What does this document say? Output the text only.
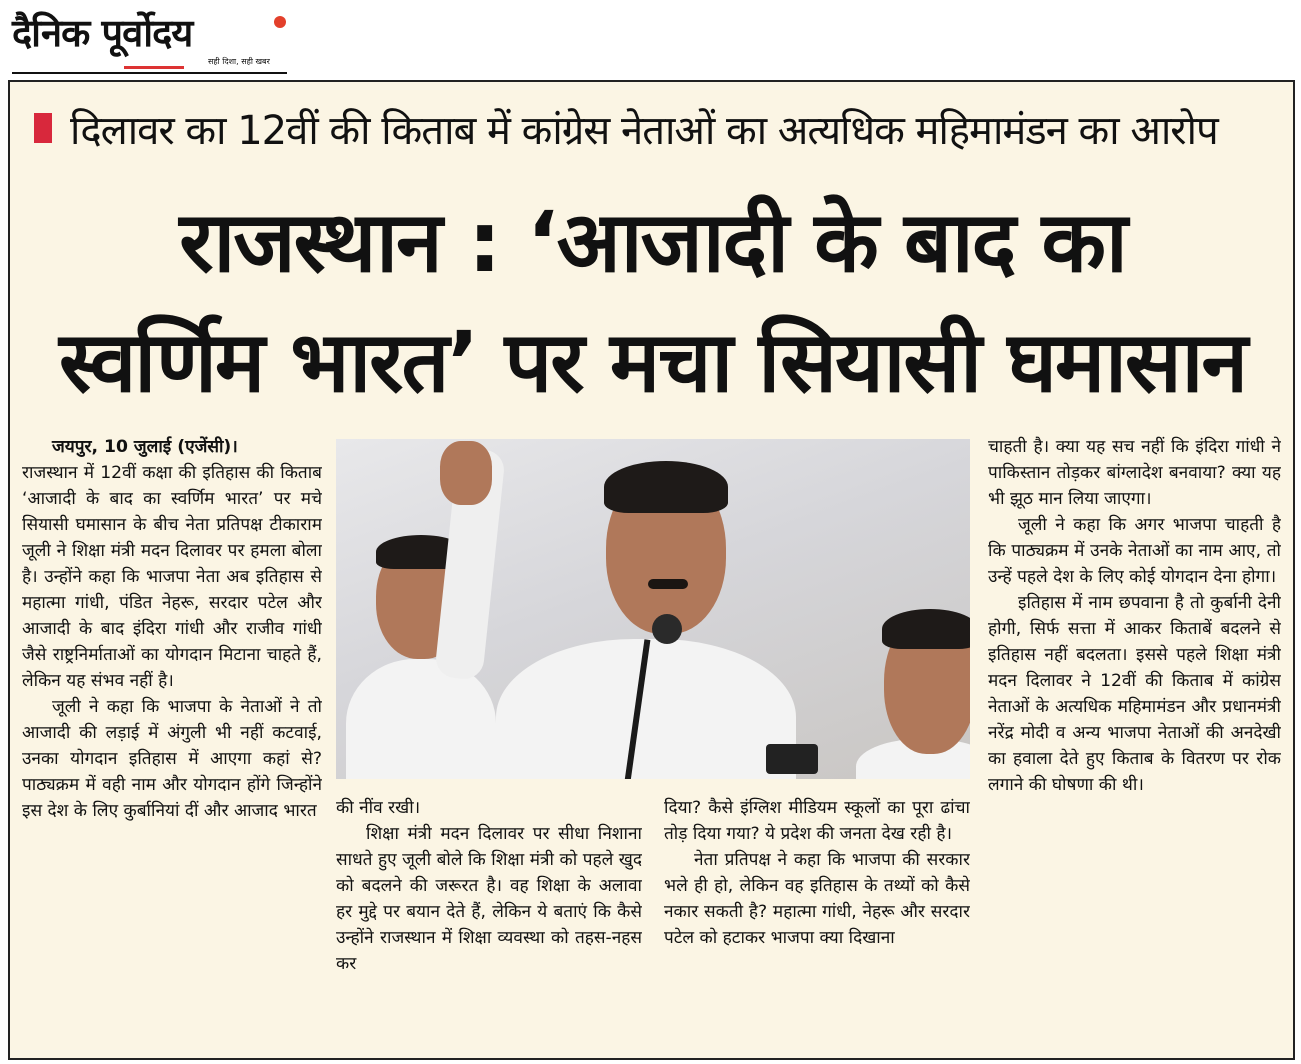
दैनिक पूर्वोदय
सही दिशा, सही खबर
दिलावर का 12वीं की किताब में कांग्रेस नेताओं का अत्यधिक महिमामंडन का आरोप
राजस्थान : ‘आजादी के बाद का
स्वर्णिम भारत’ पर मचा सियासी घमासान

जयपुर, 10 जुलाई (एजेंसी)।

राजस्थान में 12वीं कक्षा की इतिहास की किताब ‘आजादी के बाद का स्वर्णिम भारत’ पर मचे सियासी घमासान के बीच नेता प्रतिपक्ष टीकाराम जूली ने शिक्षा मंत्री मदन दिलावर पर हमला बोला है। उन्होंने कहा कि भाजपा नेता अब इतिहास से महात्मा गांधी, पंडित नेहरू, सरदार पटेल और आजादी के बाद इंदिरा गांधी और राजीव गांधी जैसे राष्ट्रनिर्माताओं का योगदान मिटाना चाहते हैं, लेकिन यह संभव नहीं है।

जूली ने कहा कि भाजपा के नेताओं ने तो आजादी की लड़ाई में अंगुली भी नहीं कटवाई, उनका योगदान इतिहास में आएगा कहां से? पाठ्यक्रम में वही नाम और योगदान होंगे जिन्होंने इस देश के लिए कुर्बानियां दीं और आजाद भारत	की नींव रखी।

शिक्षा मंत्री मदन दिलावर पर सीधा निशाना साधते हुए जूली बोले कि शिक्षा मंत्री को पहले खुद को बदलने की जरूरत है। वह शिक्षा के अलावा हर मुद्दे पर बयान देते हैं, लेकिन ये बताएं कि कैसे उन्होंने राजस्थान में शिक्षा व्यवस्था को तहस-नहस कर

दिया? कैसे इंग्लिश मीडियम स्कूलों का पूरा ढांचा तोड़ दिया गया? ये प्रदेश की जनता देख रही है।

नेता प्रतिपक्ष ने कहा कि भाजपा की सरकार भले ही हो, लेकिन वह इतिहास के तथ्यों को कैसे नकार सकती है? महात्मा गांधी, नेहरू और सरदार पटेल को हटाकर भाजपा क्या दिखाना

चाहती है। क्या यह सच नहीं कि इंदिरा गांधी ने पाकिस्तान तोड़कर बांग्लादेश बनवाया? क्या यह भी झूठ मान लिया जाएगा।

जूली ने कहा कि अगर भाजपा चाहती है कि पाठ्यक्रम में उनके नेताओं का नाम आए, तो उन्हें पहले देश के लिए कोई योगदान देना होगा।

इतिहास में नाम छपवाना है तो कुर्बानी देनी होगी, सिर्फ सत्ता में आकर किताबें बदलने से इतिहास नहीं बदलता। इससे पहले शिक्षा मंत्री मदन दिलावर ने 12वीं की किताब में कांग्रेस नेताओं के अत्यधिक महिमामंडन और प्रधानमंत्री नरेंद्र मोदी व अन्य भाजपा नेताओं की अनदेखी का हवाला देते हुए किताब के वितरण पर रोक लगाने की घोषणा की थी।
